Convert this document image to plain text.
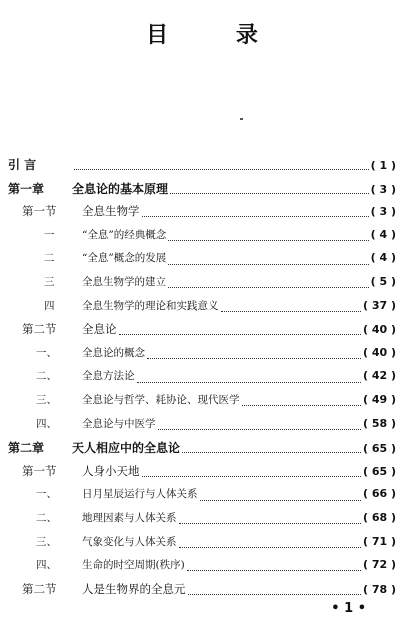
目 录
引 言	( 1 )
第一章	全息论的基本原理	( 3 )
第一节	全息生物学	( 3 )
一	“全息”的经典概念	( 4 )
二	“全息”概念的发展	( 4 )
三	全息生物学的建立	( 5 )
四	全息生物学的理论和实践意义	( 37 )
第二节	全息论	( 40 )
一、	全息论的概念	( 40 )
二、	全息方法论	( 42 )
三、	全息论与哲学、耗协论、现代医学	( 49 )
四、	全息论与中医学	( 58 )
第二章	天人相应中的全息论	( 65 )
第一节	人身小天地	( 65 )
一、	日月星辰运行与人体关系	( 66 )
二、	地理因素与人体关系	( 68 )
三、	气象变化与人体关系	( 71 )
四、	生命的时空周期(秩序)	( 72 )
第二节	人是生物界的全息元	( 78 )
• 1 •
